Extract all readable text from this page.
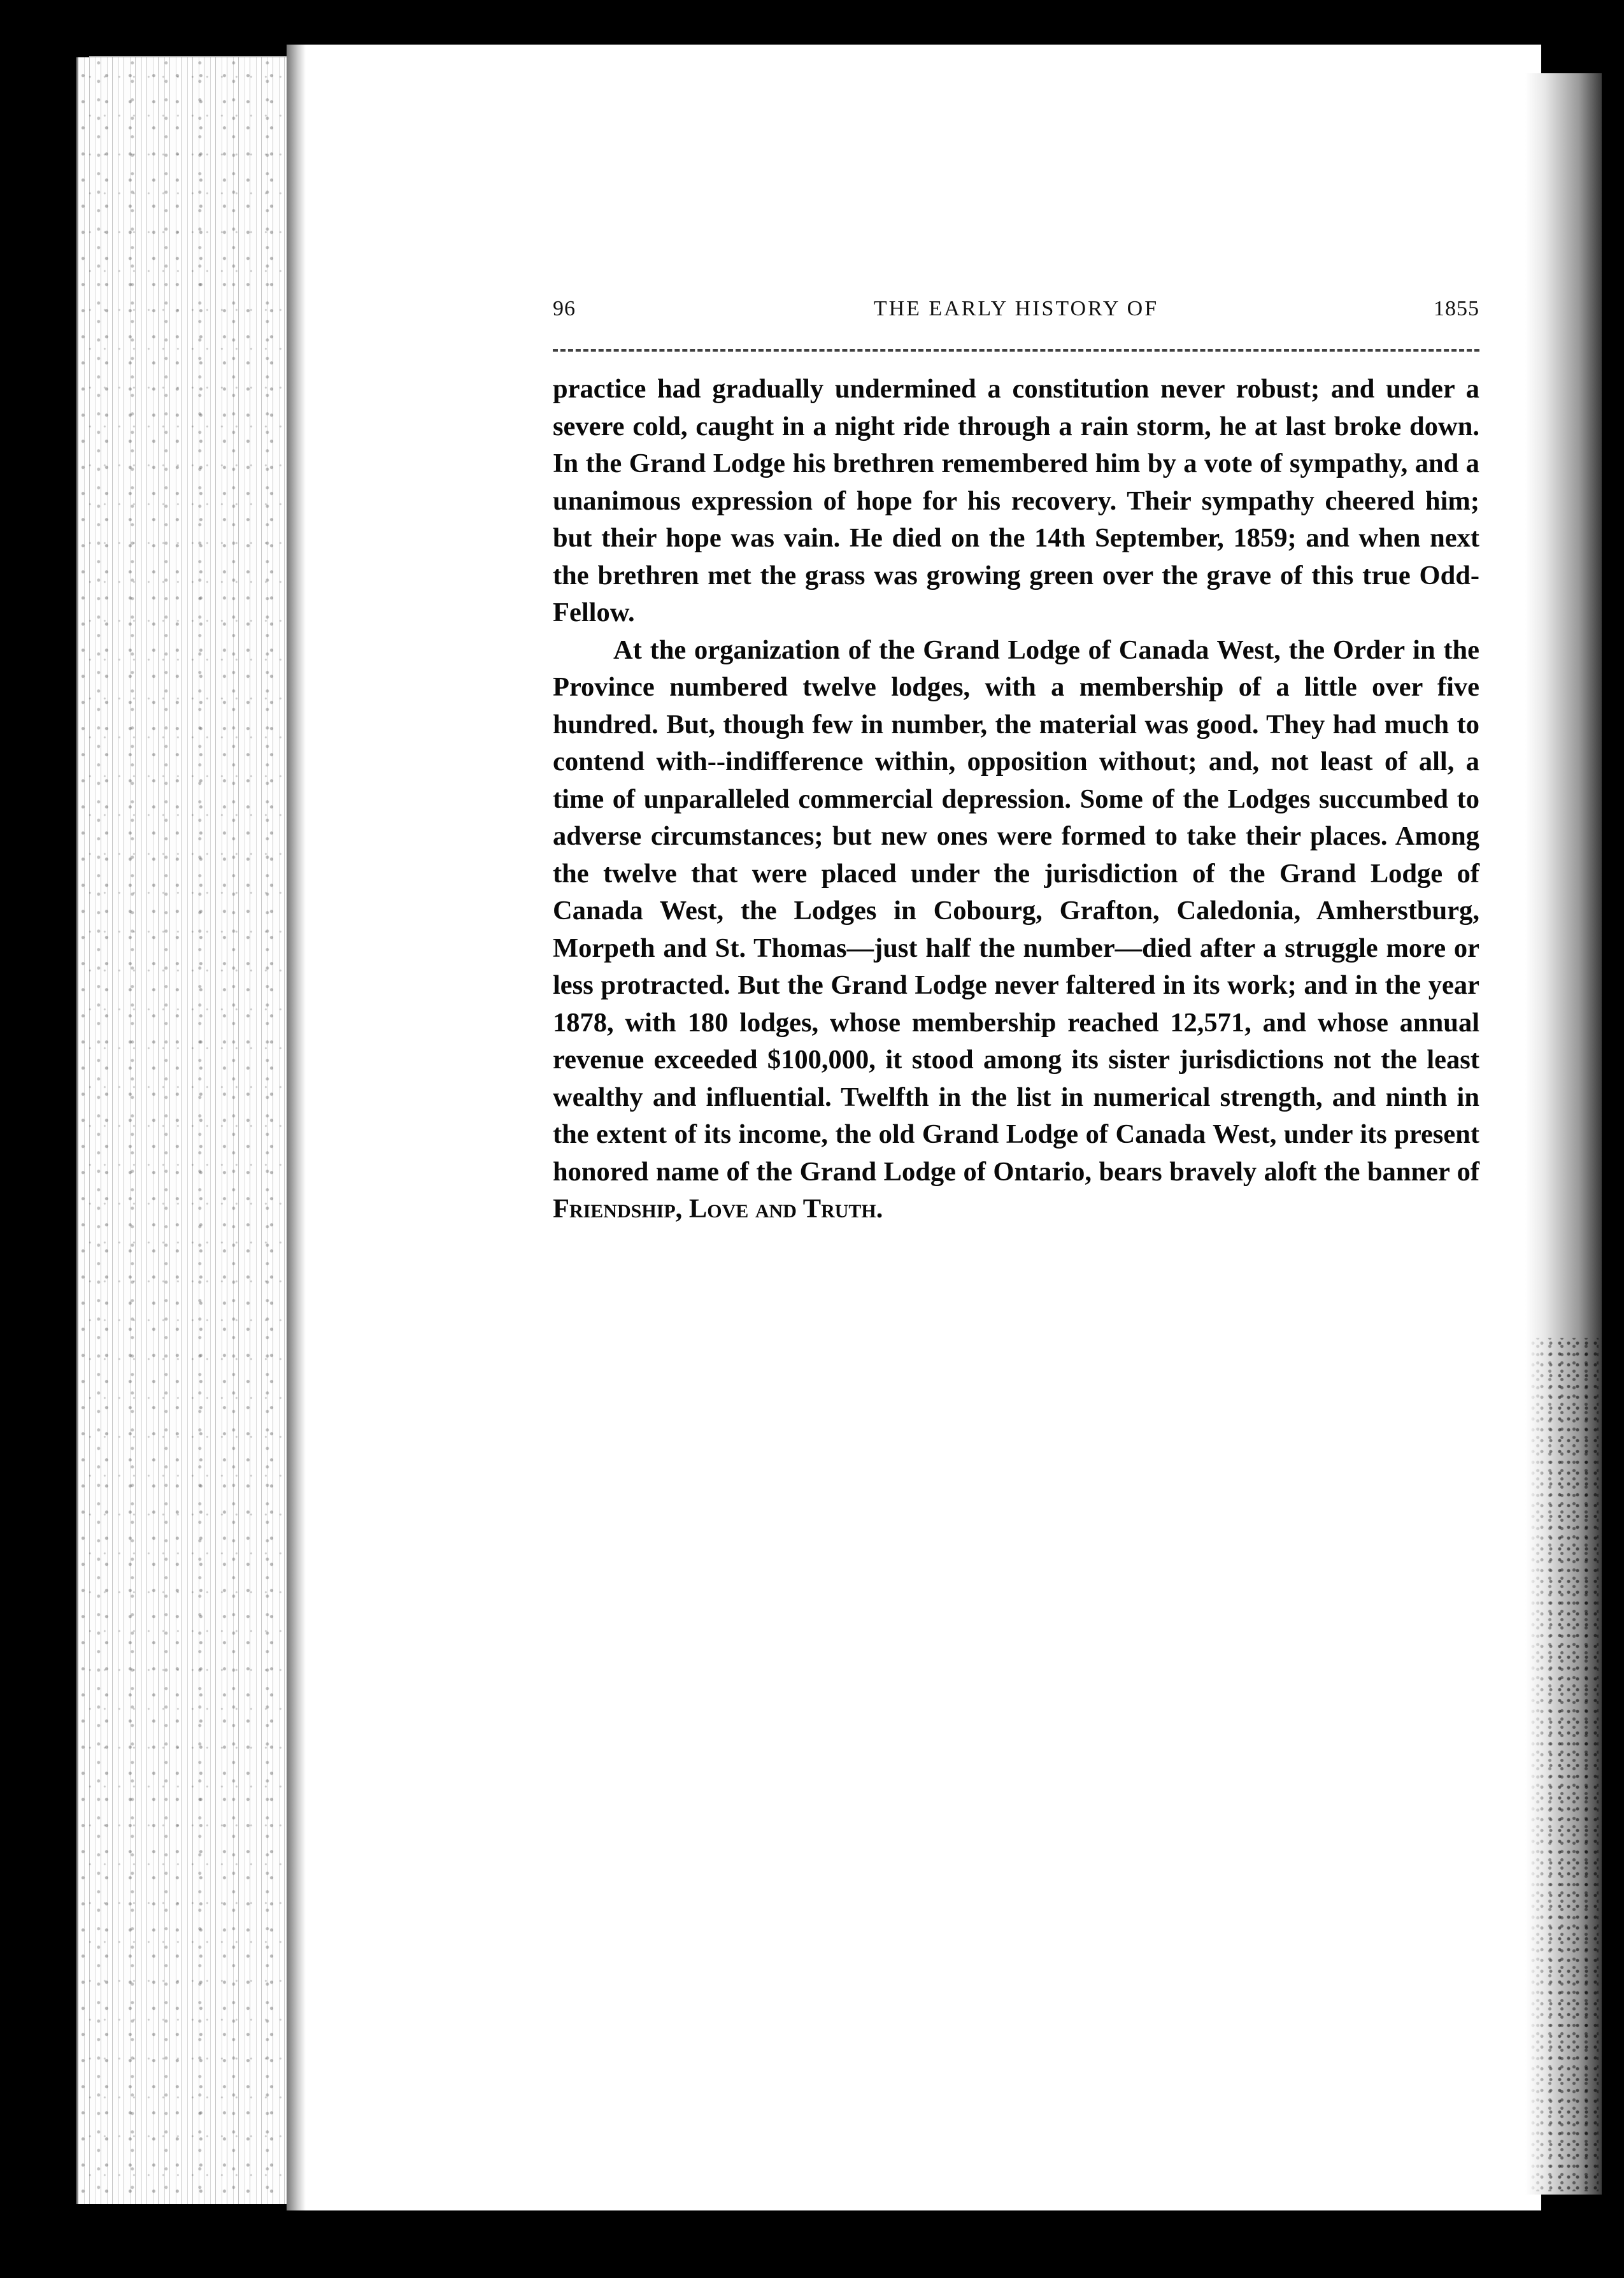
96	THE EARLY HISTORY OF	1855

practice had gradually undermined a constitution never robust; and under a severe cold, caught in a night ride through a rain storm, he at last broke down. In the Grand Lodge his brethren remembered him by a vote of sympathy, and a unanimous expression of hope for his recovery. Their sympathy cheered him; but their hope was vain. He died on the 14th September, 1859; and when next the brethren met the grass was growing green over the grave of this true Odd-Fellow.

At the organization of the Grand Lodge of Canada West, the Order in the Province numbered twelve lodges, with a membership of a little over five hundred. But, though few in number, the material was good. They had much to contend with--indifference within, opposition without; and, not least of all, a time of unparalleled commercial depression. Some of the Lodges succumbed to adverse circumstances; but new ones were formed to take their places. Among the twelve that were placed under the jurisdiction of the Grand Lodge of Canada West, the Lodges in Cobourg, Grafton, Caledonia, Amherstburg, Morpeth and St. Thomas—just half the number—died after a struggle more or less protracted. But the Grand Lodge never faltered in its work; and in the year 1878, with 180 lodges, whose membership reached 12,571, and whose annual revenue exceeded $100,000, it stood among its sister jurisdictions not the least wealthy and influential. Twelfth in the list in numerical strength, and ninth in the extent of its income, the old Grand Lodge of Canada West, under its present honored name of the Grand Lodge of Ontario, bears bravely aloft the banner of Friendship, Love and Truth.
